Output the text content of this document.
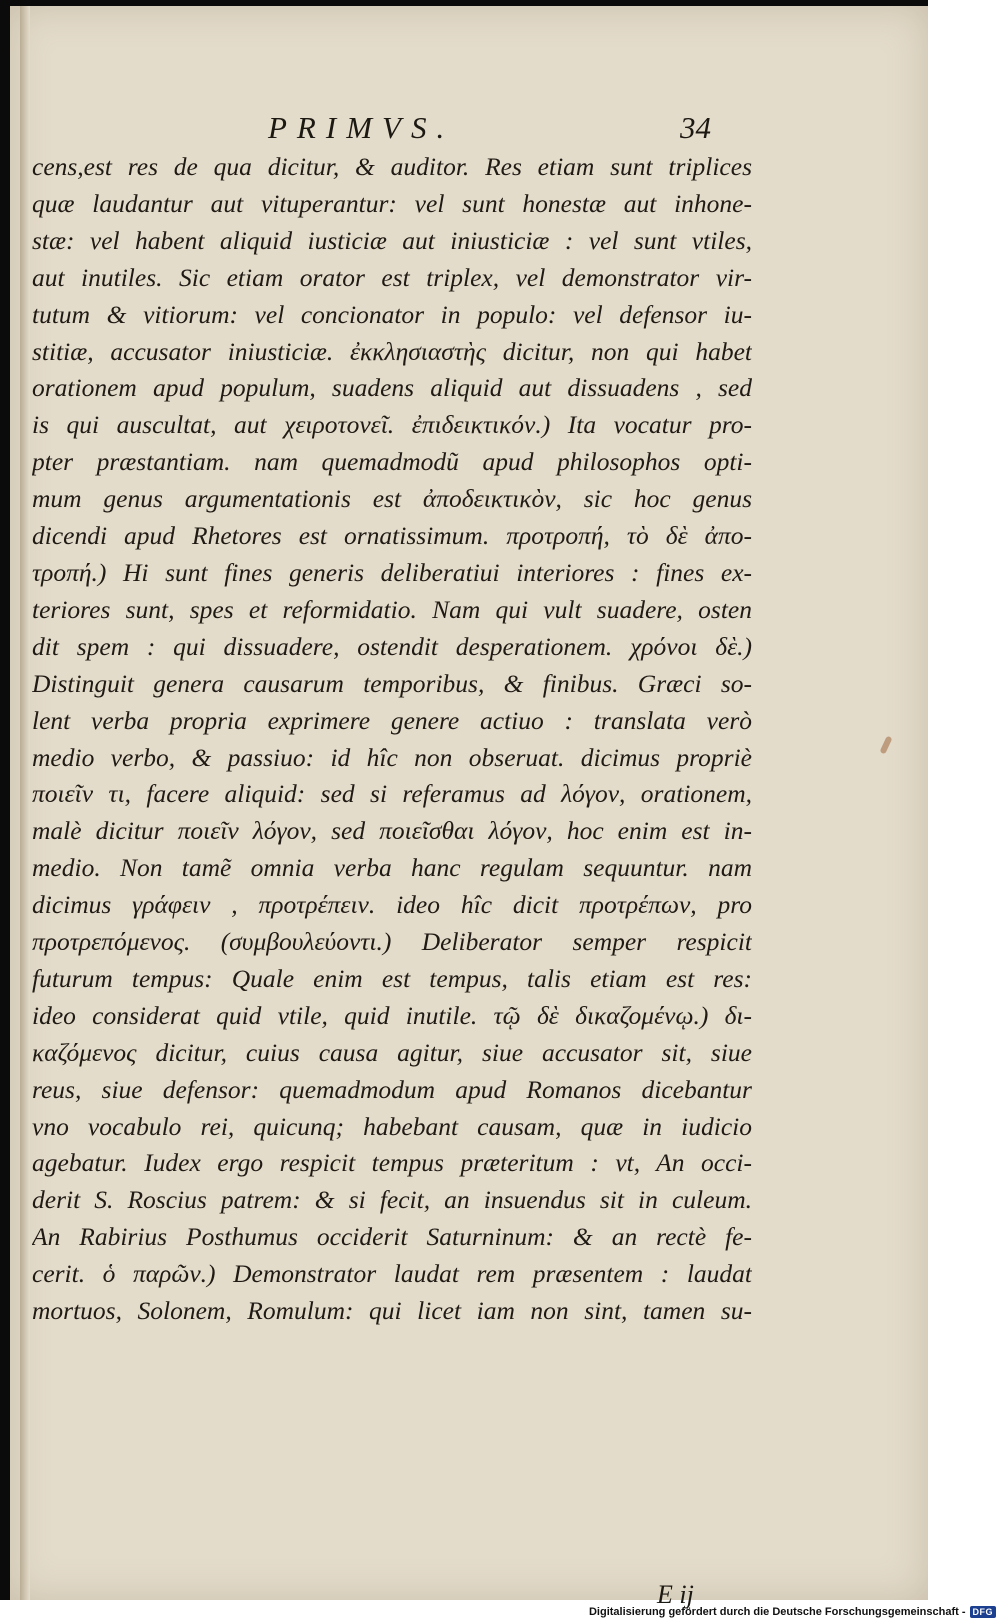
PRIMVS.	34
cens,est res de qua dicitur, & auditor. Res etiam sunt triplices
quæ laudantur aut vituperantur: vel sunt honestæ aut inhone-
stæ: vel habent aliquid iusticiæ aut iniusticiæ : vel sunt vtiles,
aut inutiles. Sic etiam orator est triplex, vel demonstrator vir-
tutum & vitiorum: vel concionator in populo: vel defensor iu-
stitiæ, accusator iniusticiæ. ἐκκλησιαστὴς dicitur, non qui habet
orationem apud populum, suadens aliquid aut dissuadens , sed
is qui auscultat, aut χειροτονεῖ. ἐπιδεικτικόν.) Ita vocatur pro-
pter præstantiam. nam quemadmodũ apud philosophos opti-
mum genus argumentationis est ἀποδεικτικὸν, sic hoc genus
dicendi apud Rhetores est ornatissimum. προτροπή, τὸ δὲ ἀπο-
τροπή.) Hi sunt fines generis deliberatiui interiores : fines ex-
teriores sunt, spes et reformidatio. Nam qui vult suadere, osten
dit spem : qui dissuadere, ostendit desperationem. χρόνοι δὲ.)
Distinguit genera causarum temporibus, & finibus. Græci so-
lent verba propria exprimere genere actiuo : translata verò
medio verbo, & passiuo: id hîc non obseruat. dicimus propriè
ποιεῖν τι, facere aliquid: sed si referamus ad λόγον, orationem,
malè dicitur ποιεῖν λόγον, sed ποιεῖσθαι λόγον, hoc enim est in-
medio. Non tamẽ omnia verba hanc regulam sequuntur. nam
dicimus γράφειν , προτρέπειν. ideo hîc dicit προτρέπων, pro
προτρεπόμενος. (συμβουλεύοντι.) Deliberator semper respicit
futurum tempus: Quale enim est tempus, talis etiam est res:
ideo considerat quid vtile, quid inutile. τῷ δὲ δικαζομένῳ.) δι-
καζόμενος dicitur, cuius causa agitur, siue accusator sit, siue
reus, siue defensor: quemadmodum apud Romanos dicebantur
vno vocabulo rei, quicunq; habebant causam, quæ in iudicio
agebatur. Iudex ergo respicit tempus præteritum : vt, An occi-
derit S. Roscius patrem: & si fecit, an insuendus sit in culeum.
An Rabirius Posthumus occiderit Saturninum: & an rectè fe-
cerit. ὁ παρῶν.) Demonstrator laudat rem præsentem : laudat
mortuos, Solonem, Romulum: qui licet iam non sint, tamen su-
E ij
Digitalisierung gefördert durch die Deutsche Forschungsgemeinschaft - DFG
